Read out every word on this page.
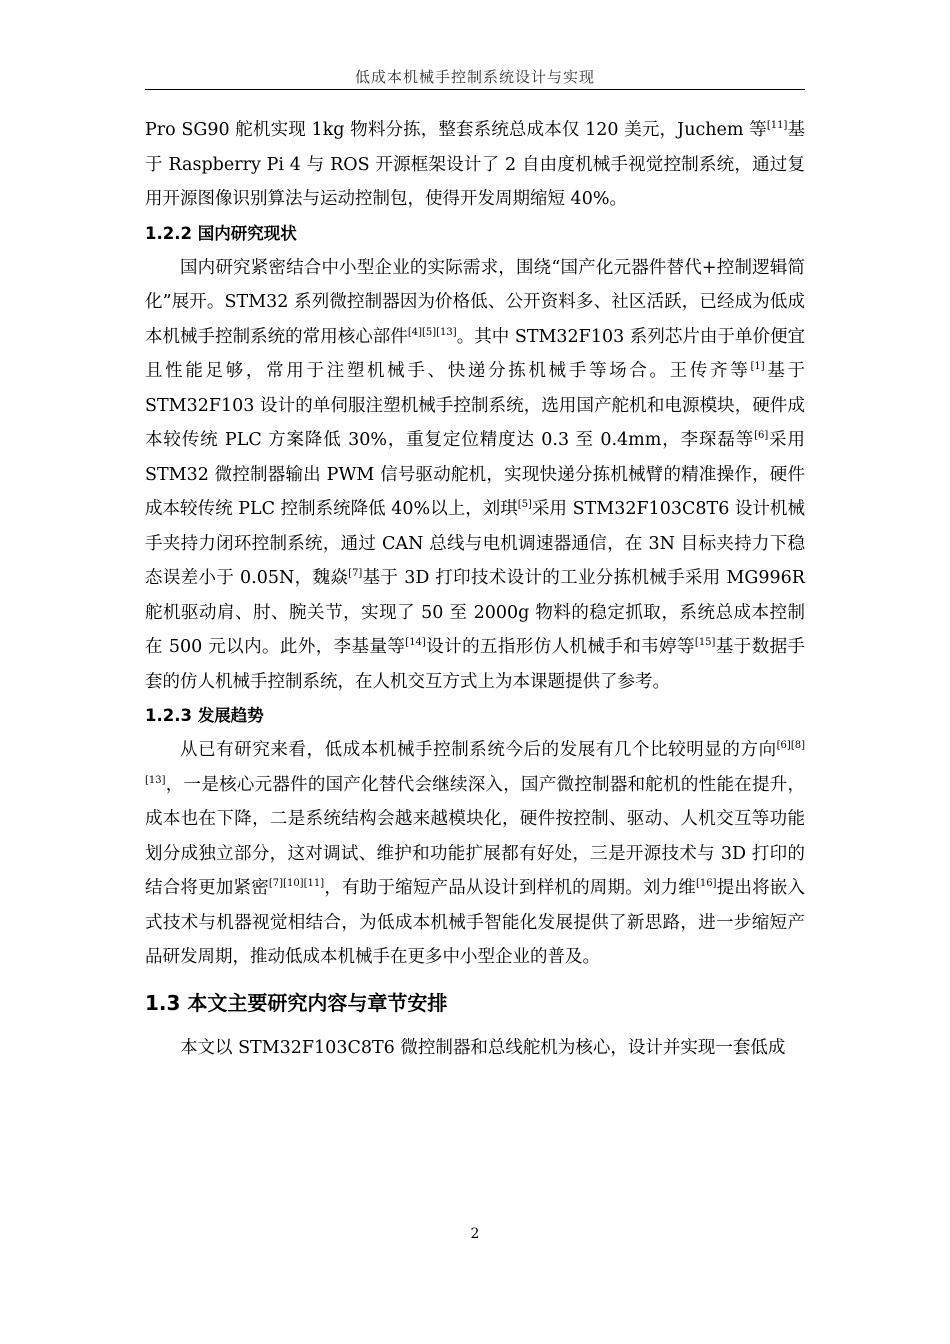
低成本机械手控制系统设计与实现

Pro SG90 舵机实现 1kg 物料分拣，整套系统总成本仅 120 美元，Juchem 等[11]基于 Raspberry Pi 4 与 ROS 开源框架设计了 2 自由度机械手视觉控制系统，通过复用开源图像识别算法与运动控制包，使得开发周期缩短 40%。

1.2.2 国内研究现状

国内研究紧密结合中小型企业的实际需求，围绕“国产化元器件替代+控制逻辑简化”展开。STM32 系列微控制器因为价格低、公开资料多、社区活跃，已经成为低成本机械手控制系统的常用核心部件[4][5][13]。其中 STM32F103 系列芯片由于单价便宜且性能足够，常用于注塑机械手、快递分拣机械手等场合。王传齐等[1]基于 STM32F103 设计的单伺服注塑机械手控制系统，选用国产舵机和电源模块，硬件成本较传统 PLC 方案降低 30%，重复定位精度达 0.3 至 0.4mm，李琛磊等[6]采用 STM32 微控制器输出 PWM 信号驱动舵机，实现快递分拣机械臂的精准操作，硬件成本较传统 PLC 控制系统降低 40%以上，刘琪[5]采用 STM32F103C8T6 设计机械手夹持力闭环控制系统，通过 CAN 总线与电机调速器通信，在 3N 目标夹持力下稳态误差小于 0.05N，魏焱[7]基于 3D 打印技术设计的工业分拣机械手采用 MG996R 舵机驱动肩、肘、腕关节，实现了 50 至 2000g 物料的稳定抓取，系统总成本控制在 500 元以内。此外，李基量等[14]设计的五指形仿人机械手和韦婷等[15]基于数据手套的仿人机械手控制系统，在人机交互方式上为本课题提供了参考。

1.2.3 发展趋势

从已有研究来看，低成本机械手控制系统今后的发展有几个比较明显的方向[6][8][13]，一是核心元器件的国产化替代会继续深入，国产微控制器和舵机的性能在提升，成本也在下降，二是系统结构会越来越模块化，硬件按控制、驱动、人机交互等功能划分成独立部分，这对调试、维护和功能扩展都有好处，三是开源技术与 3D 打印的结合将更加紧密[7][10][11]，有助于缩短产品从设计到样机的周期。刘力维[16]提出将嵌入式技术与机器视觉相结合，为低成本机械手智能化发展提供了新思路，进一步缩短产品研发周期，推动低成本机械手在更多中小型企业的普及。

1.3 本文主要研究内容与章节安排

本文以 STM32F103C8T6 微控制器和总线舵机为核心，设计并实现一套低成

2
